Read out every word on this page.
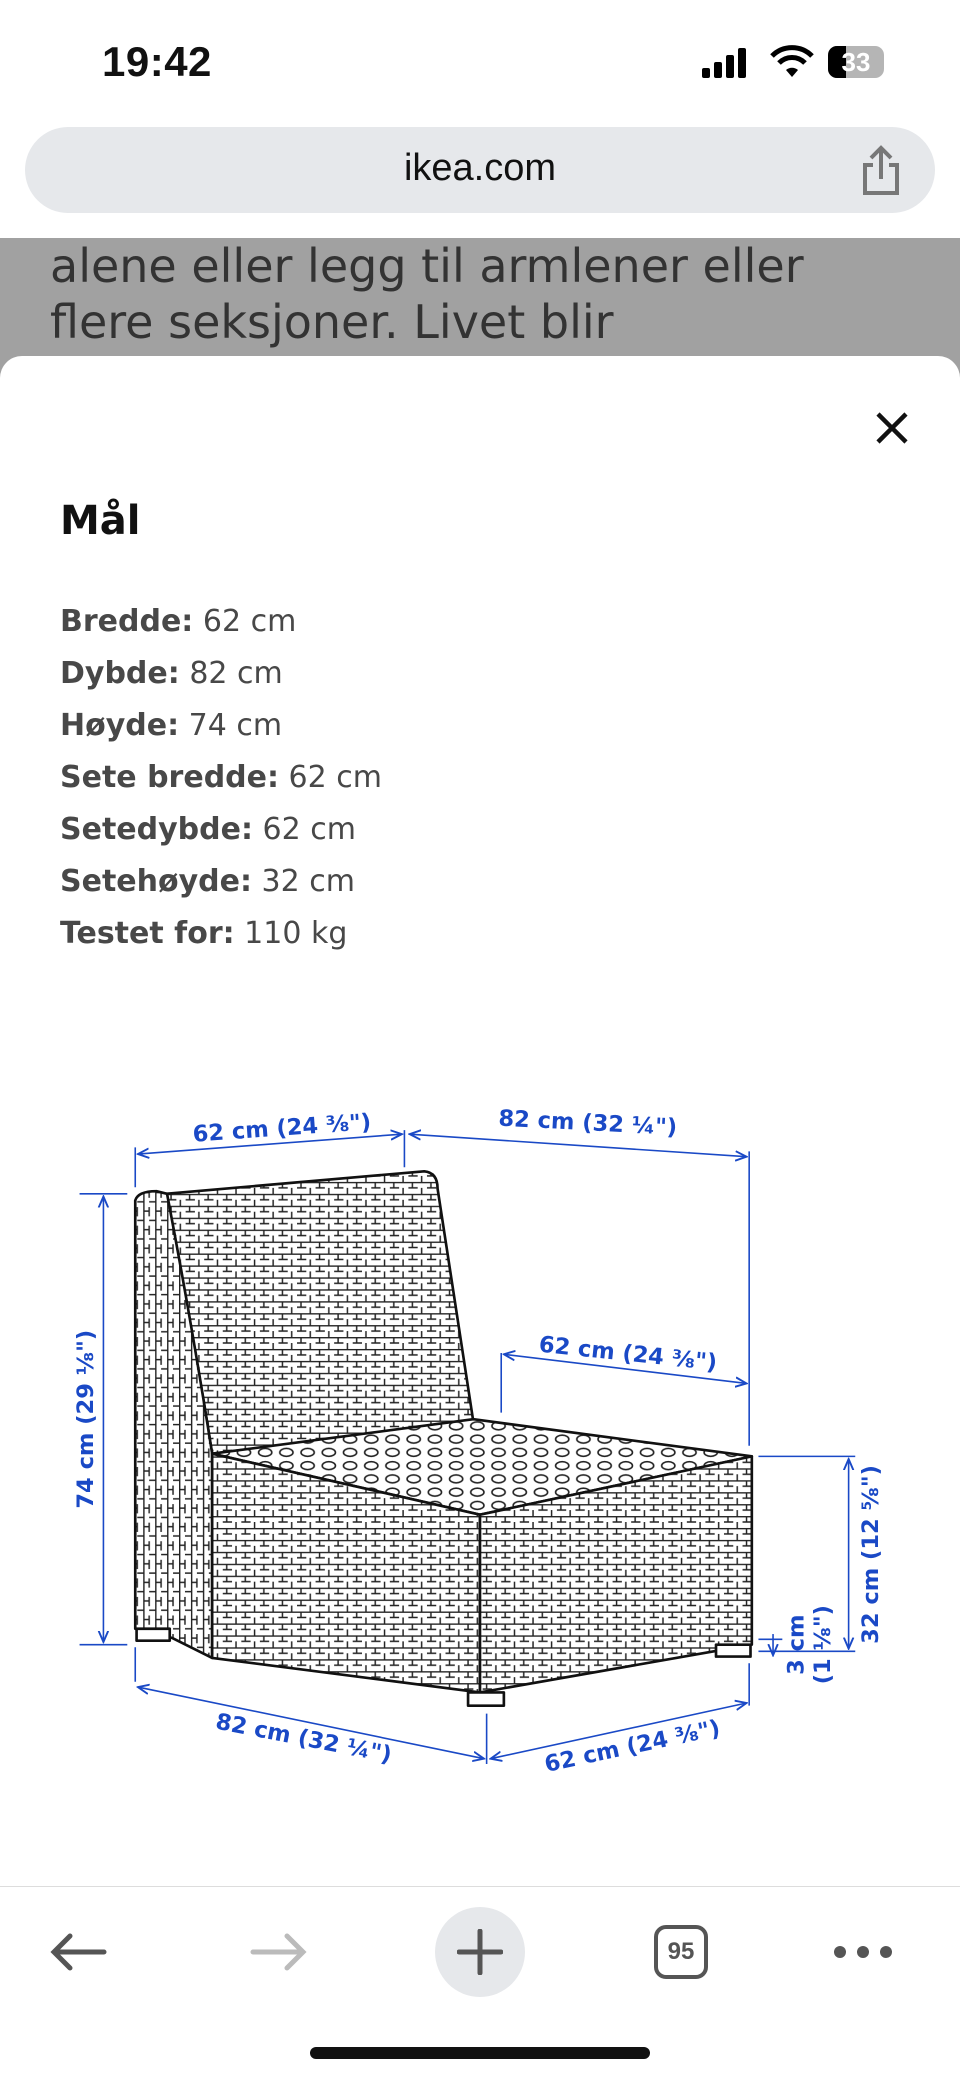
19:42	33
ikea.com

alene eller legg til armlener eller

flere seksjoner. Livet blir

Mål
Bredde: 62 cm
Dybde: 82 cm
Høyde: 74 cm
Sete bredde: 62 cm
Setedybde: 62 cm
Setehøyde: 32 cm
Testet for: 110 kg
62 cm (24 ⅜")	82 cm (32 ¼")
74 cm (29 ⅛")	62 cm (24 ⅜")
32 cm (12 ⅝")
3 cm (1 ⅛")
82 cm (32 ¼")	62 cm (24 ⅜")
95
